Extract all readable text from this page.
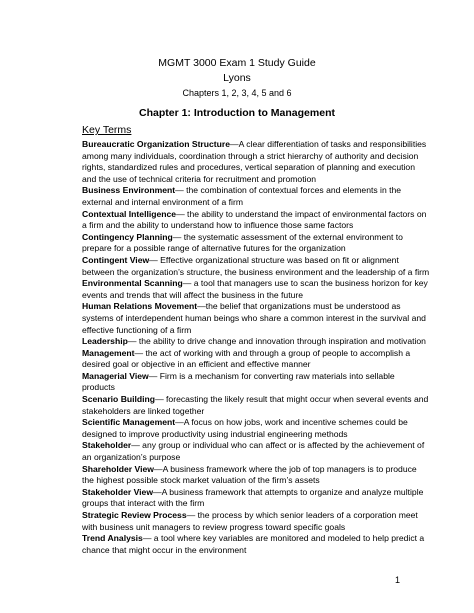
MGMT 3000 Exam 1 Study Guide
Lyons
Chapters 1, 2, 3, 4, 5 and 6
Chapter 1: Introduction to Management
Key Terms

Bureaucratic Organization Structure—A clear differentiation of tasks and responsibilities among many individuals, coordination through a strict hierarchy of authority and decision rights, standardized rules and procedures, vertical separation of planning and execution and the use of technical criteria for recruitment and promotion

Business Environment— the combination of contextual forces and elements in the external and internal environment of a firm

Contextual Intelligence— the ability to understand the impact of environmental factors on a firm and the ability to understand how to influence those same factors

Contingency Planning— the systematic assessment of the external environment to prepare for a possible range of alternative futures for the organization

Contingent View— Effective organizational structure was based on fit or alignment between the organization’s structure, the business environment and the leadership of a firm

Environmental Scanning— a tool that managers use to scan the business horizon for key events and trends that will affect the business in the future

Human Relations Movement—the belief that organizations must be understood as systems of interdependent human beings who share a common interest in the survival and effective functioning of a firm

Leadership— the ability to drive change and innovation through inspiration and motivation

Management— the act of working with and through a group of people to accomplish a desired goal or objective in an efficient and effective manner

Managerial View— Firm is a mechanism for converting raw materials into sellable products

Scenario Building— forecasting the likely result that might occur when several events and stakeholders are linked together

Scientific Management—A focus on how jobs, work and incentive schemes could be designed to improve productivity using industrial engineering methods

Stakeholder— any group or individual who can affect or is affected by the achievement of an organization’s purpose

Shareholder View—A business framework where the job of top managers is to produce the highest possible stock market valuation of the firm’s assets

Stakeholder View—A business framework that attempts to organize and analyze multiple groups that interact with the firm

Strategic Review Process— the process by which senior leaders of a corporation meet with business unit managers to review progress toward specific goals

Trend Analysis— a tool where key variables are monitored and modeled to help predict a chance that might occur in the environment

1
